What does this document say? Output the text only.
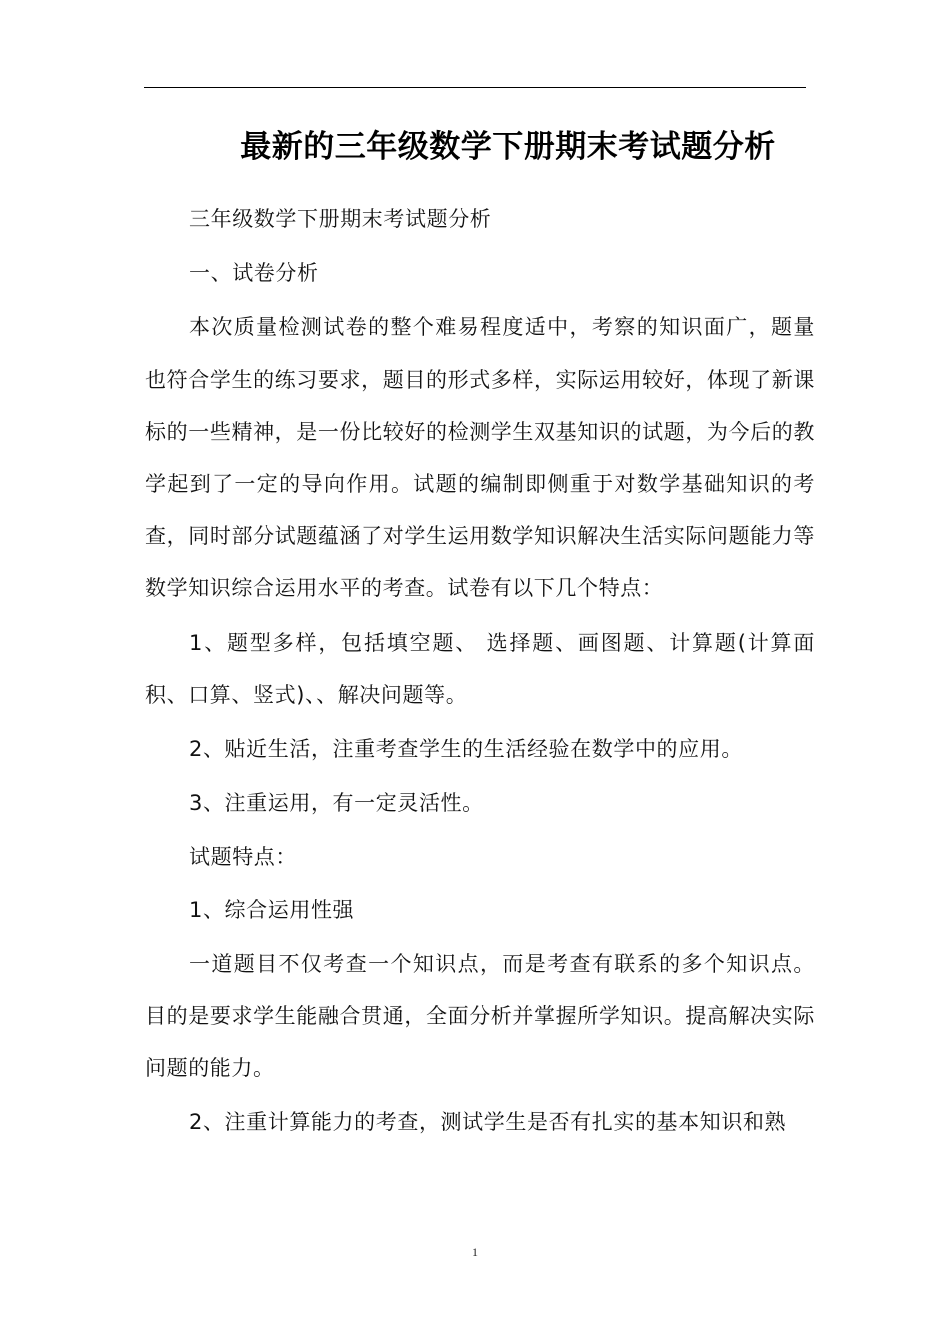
最新的三年级数学下册期末考试题分析

三年级数学下册期末考试题分析

一、试卷分析

本次质量检测试卷的整个难易程度适中，考察的知识面广，题量也符合学生的练习要求，题目的形式多样，实际运用较好，体现了新课标的一些精神，是一份比较好的检测学生双基知识的试题，为今后的教学起到了一定的导向作用。试题的编制即侧重于对数学基础知识的考查，同时部分试题蕴涵了对学生运用数学知识解决生活实际问题能力等数学知识综合运用水平的考查。试卷有以下几个特点：

1、题型多样，包括填空题、 选择题、画图题、计算题(计算面积、口算、竖式)、、解决问题等。

2、贴近生活，注重考查学生的生活经验在数学中的应用。

3、注重运用，有一定灵活性。

试题特点：

1、综合运用性强

一道题目不仅考查一个知识点，而是考查有联系的多个知识点。目的是要求学生能融合贯通，全面分析并掌握所学知识。提高解决实际问题的能力。

2、注重计算能力的考查，测试学生是否有扎实的基本知识和熟

1
